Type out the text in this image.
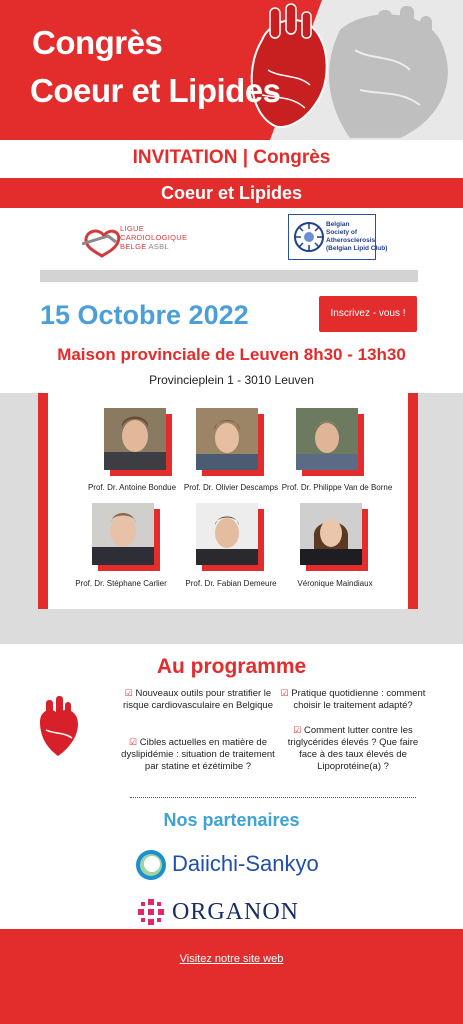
Congrès
Coeur et Lipides
INVITATION | Congrès
Coeur et Lipides
LIGUE
CARDIOLOGIQUE
BELGE ASBL
Belgian
Society of
Atherosclerosis
(Belgian Lipid Club)
15 Octobre 2022	Inscrivez - vous !
Maison provinciale de Leuven 8h30 - 13h30
Provincieplein 1 - 3010 Leuven
Prof. Dr. Antoine Bondue Prof. Dr. Olivier Descamps Prof. Dr. Philippe Van de Borne
Prof. Dr. Stéphane Carlier	Prof. Dr. Fabian Demeure	Véronique Maindiaux
Au programme
☑ Nouveaux outils pour stratifier le risque cardiovasculaire en Belgique
☑ Cibles actuelles en matière de dyslipidémie : situation de traitement par statine et ézétimibe ?
☑ Pratique quotidienne : comment choisir le traitement adapté?
☑ Comment lutter contre les triglycérides élevés ? Que faire face à des taux élevés de Lipoprotéine(a) ?
Nos partenaires
Daiichi-Sankyo
ORGANON
Visitez notre site web
